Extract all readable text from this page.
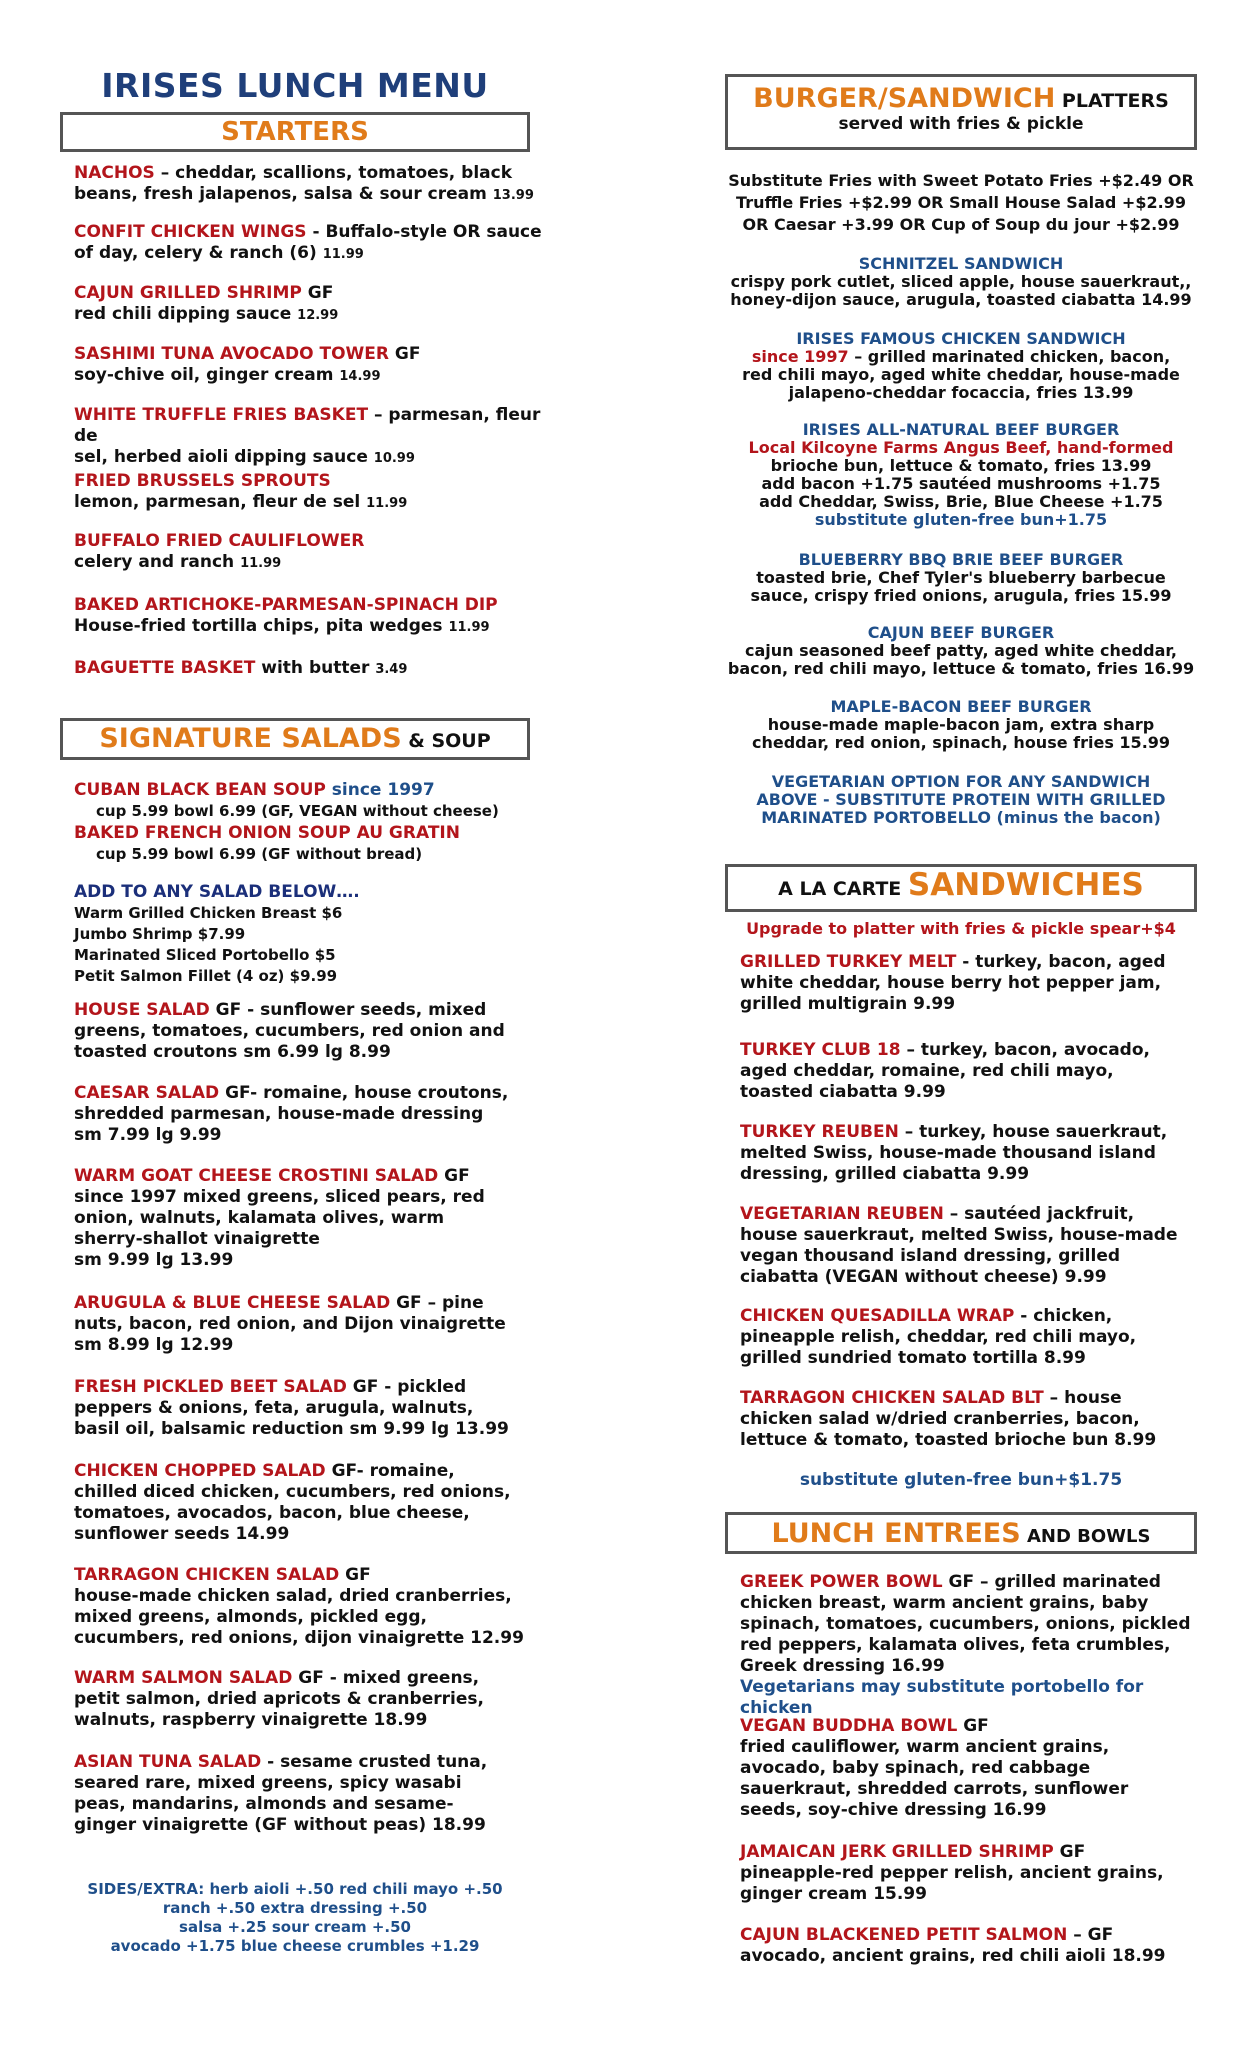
IRISES LUNCH MENU
STARTERS
NACHOS – cheddar, scallions, tomatoes, black
beans, fresh jalapenos, salsa & sour cream 13.99
CONFIT CHICKEN WINGS - Buffalo-style OR sauce
of day, celery & ranch (6) 11.99
CAJUN GRILLED SHRIMP GF
red chili dipping sauce 12.99
SASHIMI TUNA AVOCADO TOWER GF
soy-chive oil, ginger cream 14.99
WHITE TRUFFLE FRIES BASKET – parmesan, fleur de
sel, herbed aioli dipping sauce 10.99
FRIED BRUSSELS SPROUTS
lemon, parmesan, fleur de sel 11.99
BUFFALO FRIED CAULIFLOWER
celery and ranch 11.99
BAKED ARTICHOKE-PARMESAN-SPINACH DIP
House-fried tortilla chips, pita wedges 11.99
BAGUETTE BASKET with butter 3.49
SIGNATURE SALADS & SOUP
CUBAN BLACK BEAN SOUP since 1997
cup 5.99 bowl 6.99 (GF, VEGAN without cheese)
BAKED FRENCH ONION SOUP AU GRATIN
cup 5.99 bowl 6.99 (GF without bread)
ADD TO ANY SALAD BELOW….
Warm Grilled Chicken Breast $6
Jumbo Shrimp $7.99
Marinated Sliced Portobello $5
Petit Salmon Fillet (4 oz) $9.99
HOUSE SALAD GF - sunflower seeds, mixed
greens, tomatoes, cucumbers, red onion and
toasted croutons sm 6.99 lg 8.99
CAESAR SALAD GF- romaine, house croutons,
shredded parmesan, house-made dressing
sm 7.99 lg 9.99
WARM GOAT CHEESE CROSTINI SALAD GF
since 1997 mixed greens, sliced pears, red
onion, walnuts, kalamata olives, warm
sherry-shallot vinaigrette
sm 9.99 lg 13.99
ARUGULA & BLUE CHEESE SALAD GF – pine
nuts, bacon, red onion, and Dijon vinaigrette
sm 8.99 lg 12.99
FRESH PICKLED BEET SALAD GF - pickled
peppers & onions, feta, arugula, walnuts,
basil oil, balsamic reduction sm 9.99 lg 13.99
CHICKEN CHOPPED SALAD GF- romaine,
chilled diced chicken, cucumbers, red onions,
tomatoes, avocados, bacon, blue cheese,
sunflower seeds 14.99
TARRAGON CHICKEN SALAD GF
house-made chicken salad, dried cranberries,
mixed greens, almonds, pickled egg,
cucumbers, red onions, dijon vinaigrette 12.99
WARM SALMON SALAD GF - mixed greens,
petit salmon, dried apricots & cranberries,
walnuts, raspberry vinaigrette 18.99
ASIAN TUNA SALAD - sesame crusted tuna,
seared rare, mixed greens, spicy wasabi
peas, mandarins, almonds and sesame-
ginger vinaigrette (GF without peas) 18.99
SIDES/EXTRA: herb aioli +.50 red chili mayo +.50
ranch +.50 extra dressing +.50
salsa +.25 sour cream +.50
avocado +1.75 blue cheese crumbles +1.29
BURGER/SANDWICH PLATTERS
served with fries & pickle
Substitute Fries with Sweet Potato Fries +$2.49 OR
Truffle Fries +$2.99 OR Small House Salad +$2.99
OR Caesar +3.99 OR Cup of Soup du jour +$2.99
SCHNITZEL SANDWICH
crispy pork cutlet, sliced apple, house sauerkraut,,
honey-dijon sauce, arugula, toasted ciabatta 14.99
IRISES FAMOUS CHICKEN SANDWICH
since 1997 – grilled marinated chicken, bacon,
red chili mayo, aged white cheddar, house-made
jalapeno-cheddar focaccia, fries 13.99
IRISES ALL-NATURAL BEEF BURGER
Local Kilcoyne Farms Angus Beef, hand-formed
brioche bun, lettuce & tomato, fries 13.99
add bacon +1.75 sautéed mushrooms +1.75
add Cheddar, Swiss, Brie, Blue Cheese +1.75
substitute gluten-free bun+1.75
BLUEBERRY BBQ BRIE BEEF BURGER
toasted brie, Chef Tyler's blueberry barbecue
sauce, crispy fried onions, arugula, fries 15.99
CAJUN BEEF BURGER
cajun seasoned beef patty, aged white cheddar,
bacon, red chili mayo, lettuce & tomato, fries 16.99
MAPLE-BACON BEEF BURGER
house-made maple-bacon jam, extra sharp
cheddar, red onion, spinach, house fries 15.99
VEGETARIAN OPTION FOR ANY SANDWICH
ABOVE - SUBSTITUTE PROTEIN WITH GRILLED
MARINATED PORTOBELLO (minus the bacon)
A LA CARTE SANDWICHES
Upgrade to platter with fries & pickle spear+$4
GRILLED TURKEY MELT - turkey, bacon, aged
white cheddar, house berry hot pepper jam,
grilled multigrain 9.99
TURKEY CLUB 18 – turkey, bacon, avocado,
aged cheddar, romaine, red chili mayo,
toasted ciabatta 9.99
TURKEY REUBEN – turkey, house sauerkraut,
melted Swiss, house-made thousand island
dressing, grilled ciabatta 9.99
VEGETARIAN REUBEN – sautéed jackfruit,
house sauerkraut, melted Swiss, house-made
vegan thousand island dressing, grilled
ciabatta (VEGAN without cheese) 9.99
CHICKEN QUESADILLA WRAP - chicken,
pineapple relish, cheddar, red chili mayo,
grilled sundried tomato tortilla 8.99
TARRAGON CHICKEN SALAD BLT – house
chicken salad w/dried cranberries, bacon,
lettuce & tomato, toasted brioche bun 8.99
substitute gluten-free bun+$1.75
LUNCH ENTREES AND BOWLS
GREEK POWER BOWL GF – grilled marinated
chicken breast, warm ancient grains, baby
spinach, tomatoes, cucumbers, onions, pickled
red peppers, kalamata olives, feta crumbles,
Greek dressing 16.99
Vegetarians may substitute portobello for chicken
VEGAN BUDDHA BOWL GF
fried cauliflower, warm ancient grains,
avocado, baby spinach, red cabbage
sauerkraut, shredded carrots, sunflower
seeds, soy-chive dressing 16.99
JAMAICAN JERK GRILLED SHRIMP GF
pineapple-red pepper relish, ancient grains,
ginger cream 15.99
CAJUN BLACKENED PETIT SALMON – GF
avocado, ancient grains, red chili aioli 18.99
